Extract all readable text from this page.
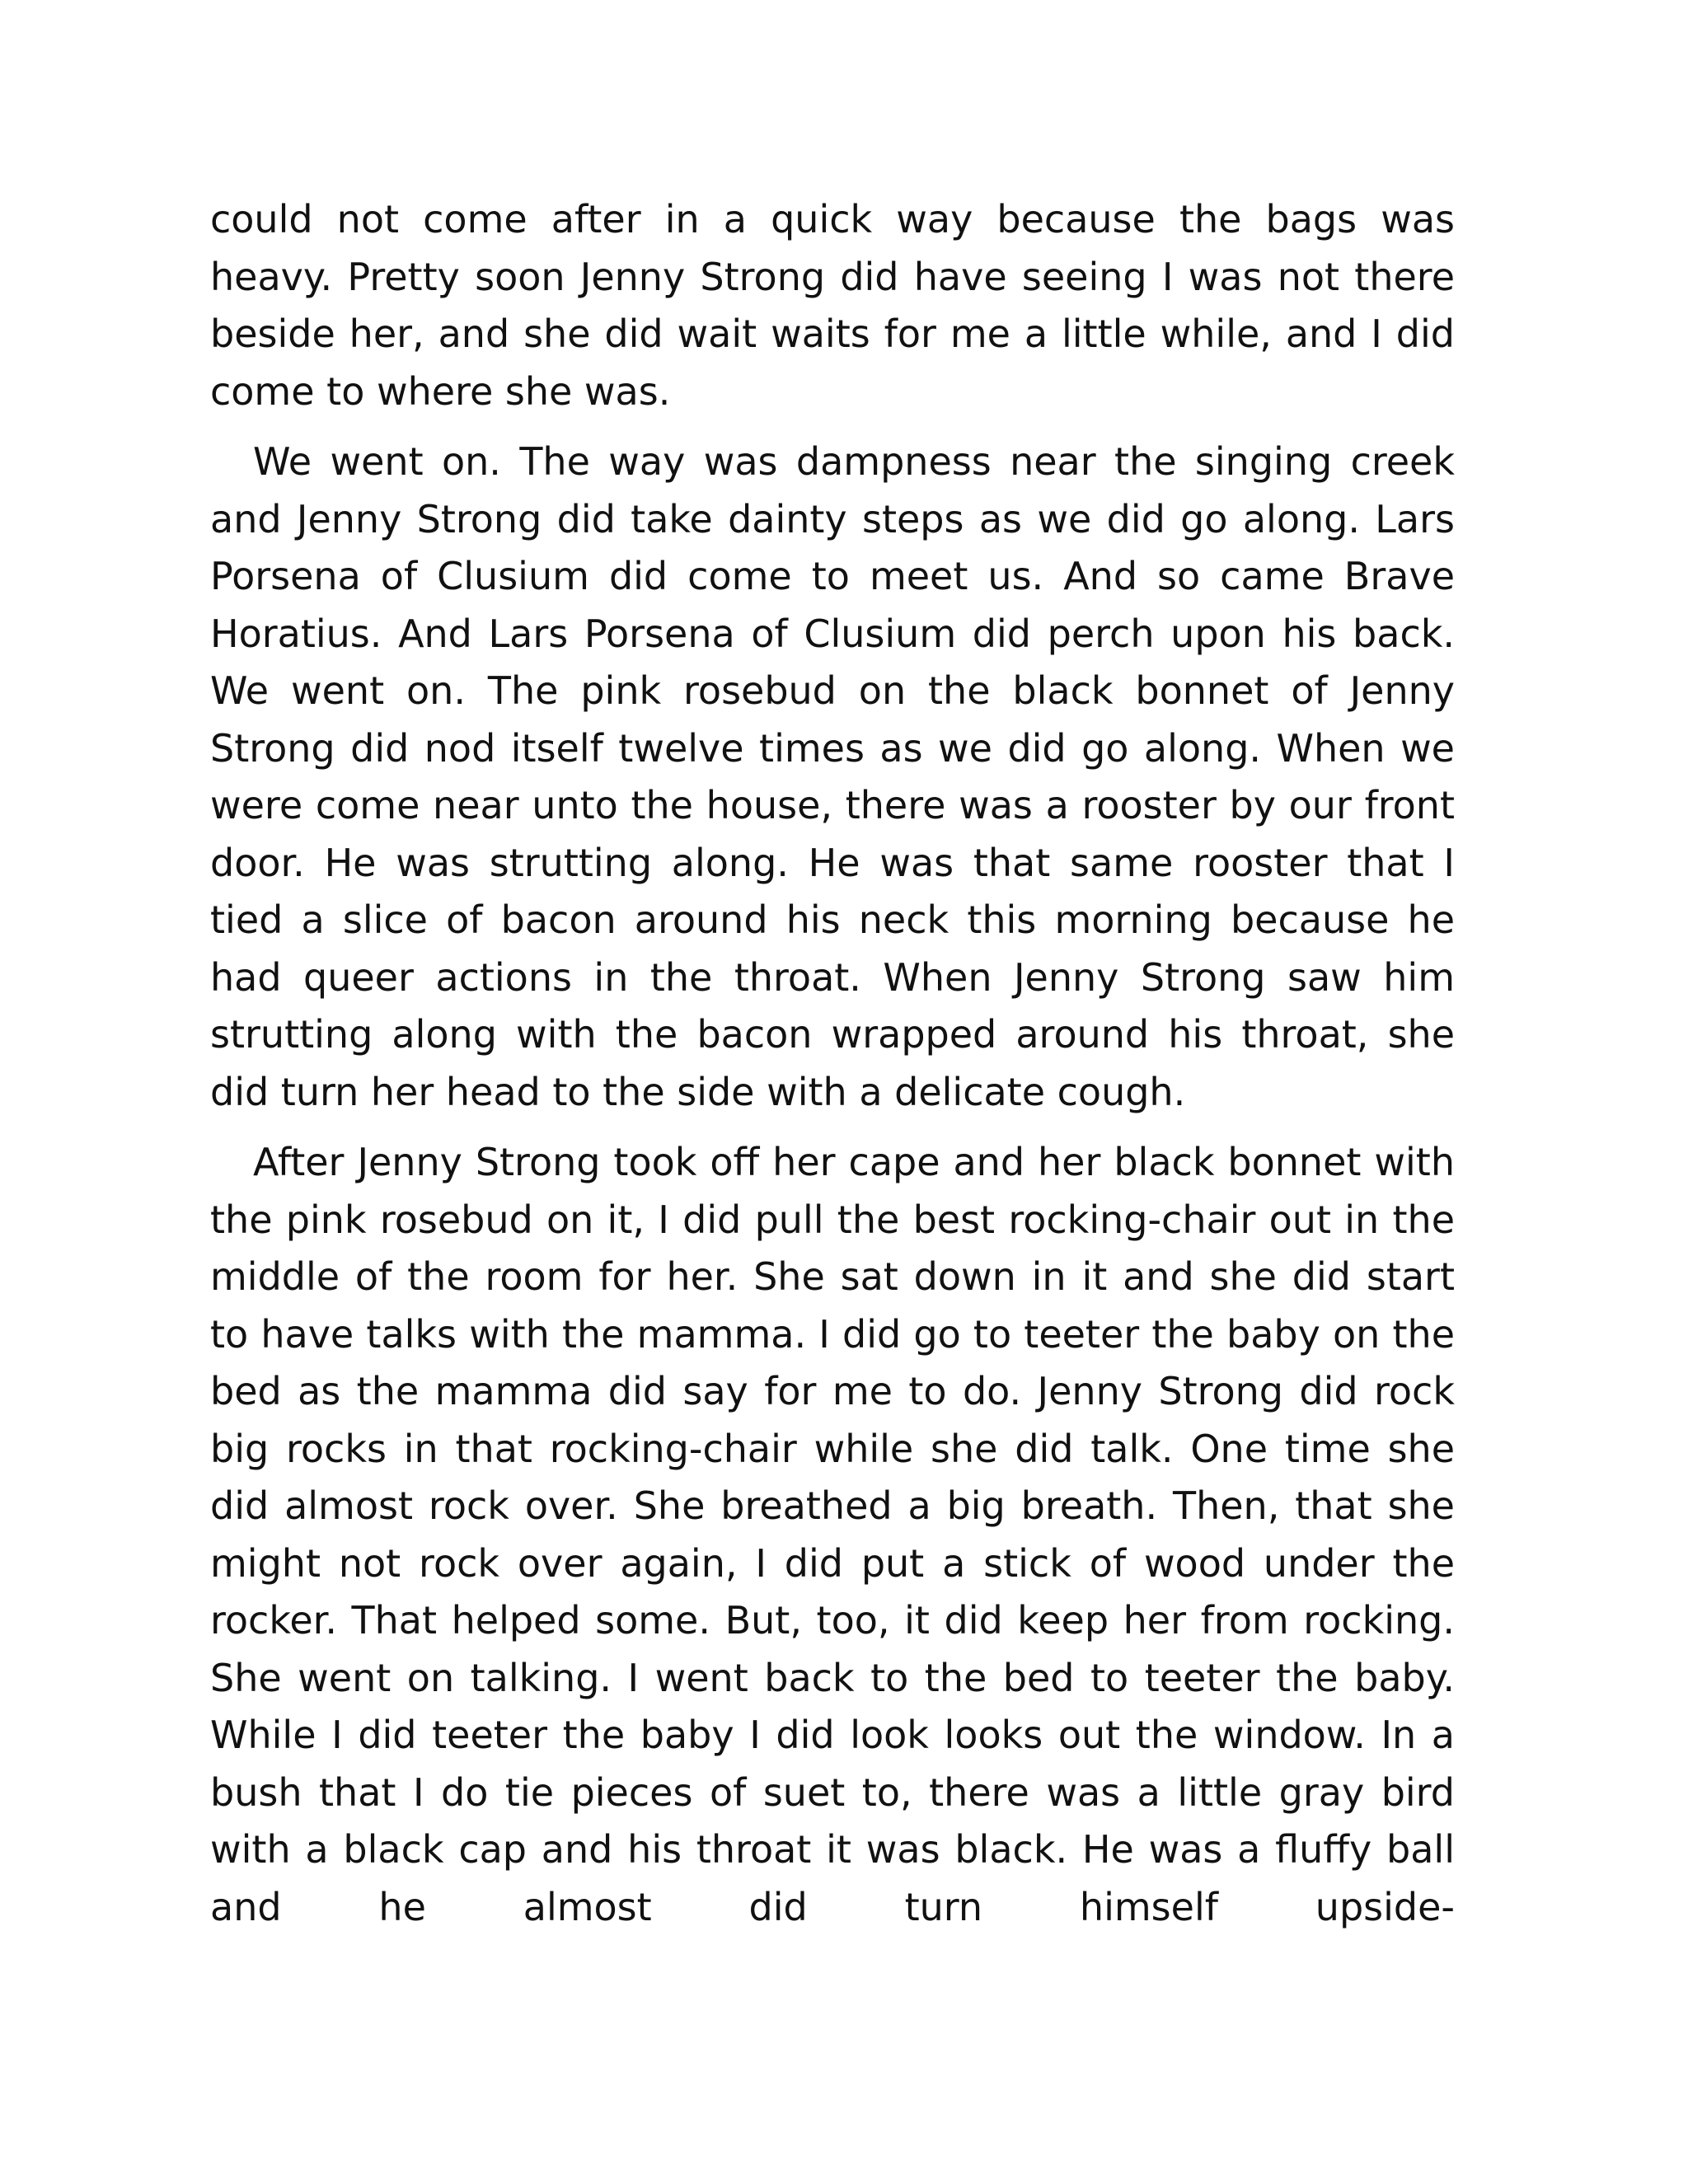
could not come after in a quick way because the bags was heavy. Pretty soon Jenny Strong did have seeing I was not there beside her, and she did wait waits for me a little while, and I did come to where she was.

We went on. The way was dampness near the singing creek and Jenny Strong did take dainty steps as we did go along. Lars Porsena of Clusium did come to meet us. And so came Brave Horatius. And Lars Porsena of Clusium did perch upon his back. We went on. The pink rosebud on the black bonnet of Jenny Strong did nod itself twelve times as we did go along. When we were come near unto the house, there was a rooster by our front door. He was strutting along. He was that same rooster that I tied a slice of bacon around his neck this morning because he had queer actions in the throat. When Jenny Strong saw him strutting along with the bacon wrapped around his throat, she did turn her head to the side with a delicate cough.

After Jenny Strong took off her cape and her black bonnet with the pink rosebud on it, I did pull the best rocking-chair out in the middle of the room for her. She sat down in it and she did start to have talks with the mamma. I did go to teeter the baby on the bed as the mamma did say for me to do. Jenny Strong did rock big rocks in that rocking-chair while she did talk. One time she did almost rock over. She breathed a big breath. Then, that she might not rock over again, I did put a stick of wood under the rocker. That helped some. But, too, it did keep her from rocking. She went on talking. I went back to the bed to teeter the baby. While I did teeter the baby I did look looks out the window. In a bush that I do tie pieces of suet to, there was a little gray bird with a black cap and his throat it was black. He was a fluffy ball and he almost did turn himself upside-
